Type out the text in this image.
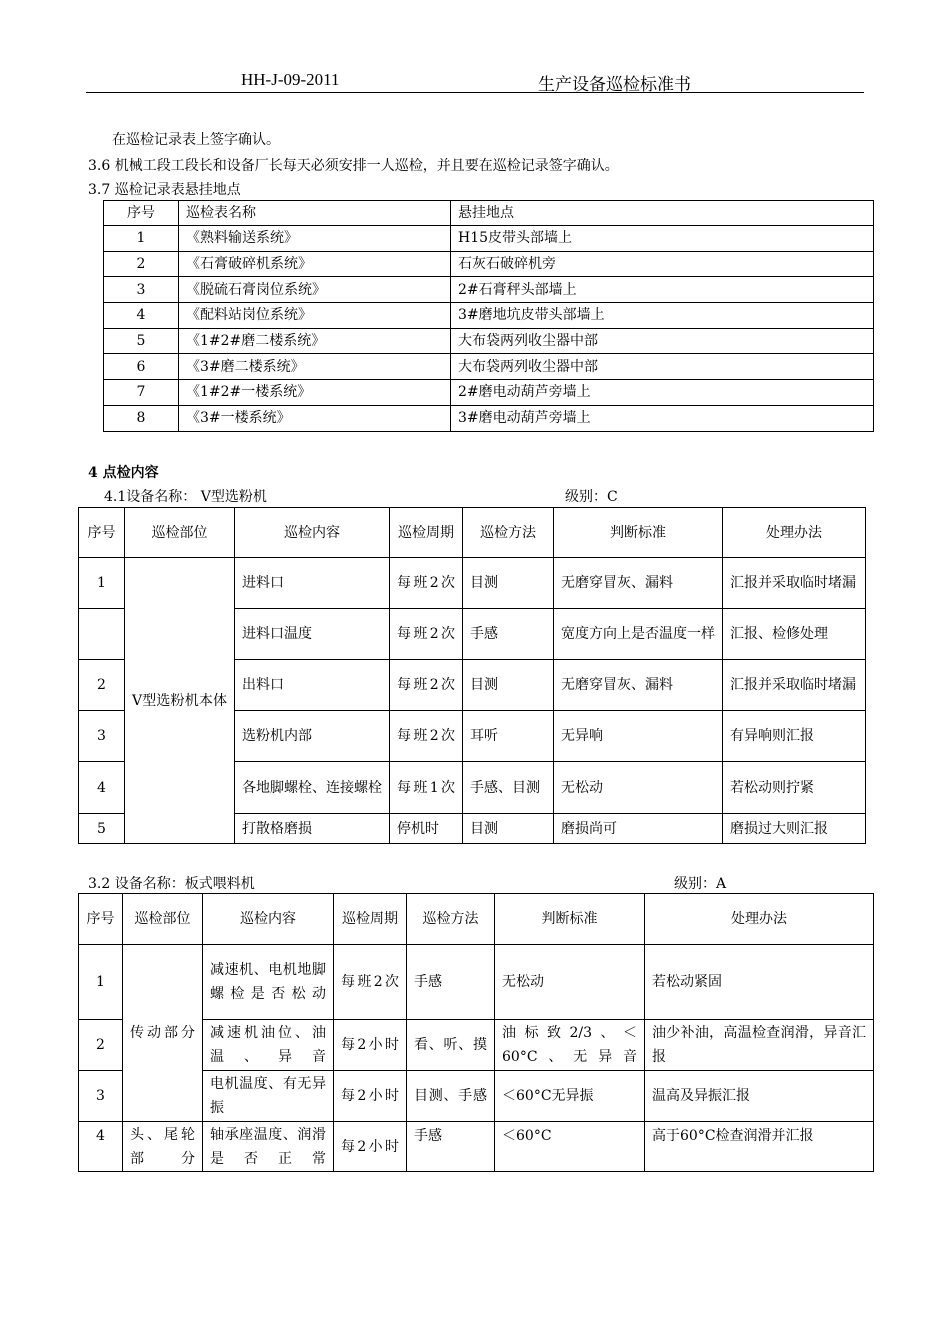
HH-J-09-2011	生产设备巡检标准书
在巡检记录表上签字确认。
3.6 机械工段工段长和设备厂长每天必须安排一人巡检，并且要在巡检记录签字确认。
3.7 巡检记录表悬挂地点
序号	巡检表名称	悬挂地点
1	《熟料输送系统》	H15皮带头部墙上
2	《石膏破碎机系统》	石灰石破碎机旁
3	《脱硫石膏岗位系统》	2#石膏秤头部墙上
4	《配料站岗位系统》	3#磨地坑皮带头部墙上
5	《1#2#磨二楼系统》	大布袋两列收尘器中部
6	《3#磨二楼系统》	大布袋两列收尘器中部
7	《1#2#一楼系统》	2#磨电动葫芦旁墙上
8	《3#一楼系统》	3#磨电动葫芦旁墙上
4 点检内容
4.1设备名称： V型选粉机	级别：C
序号	巡检部位	巡检内容	巡检周期	巡检方法	判断标准	处理办法
1	V型选粉机本体	进料口	每班2次	目测	无磨穿冒灰、漏料	汇报并采取临时堵漏
		进料口温度	每班2次	手感	宽度方向上是否温度一样	汇报、检修处理
2		出料口	每班2次	目测	无磨穿冒灰、漏料	汇报并采取临时堵漏
3		选粉机内部	每班2次	耳听	无异响	有异响则汇报
4		各地脚螺栓、连接螺栓	每班1次	手感、目测	无松动	若松动则拧紧
5		打散格磨损	停机时	目测	磨损尚可	磨损过大则汇报
3.2 设备名称：板式喂料机	级别：A
序号	巡检部位	巡检内容	巡检周期	巡检方法	判断标准	处理办法
1	传动部分	减速机、电机地脚螺检是否松动	每班2次	手感	无松动	若松动紧固
2		减速机油位、油温、异音	每2小时	看、听、摸	油标致2/3、＜60°C、无异音	油少补油，高温检查润滑，异音汇报
3		电机温度、有无异振	每2小时	目测、手感	＜60°C无异振	温高及异振汇报
4	头、尾轮部分	轴承座温度、润滑是否正常	每2小时	手感	＜60°C	高于60°C检查润滑并汇报
